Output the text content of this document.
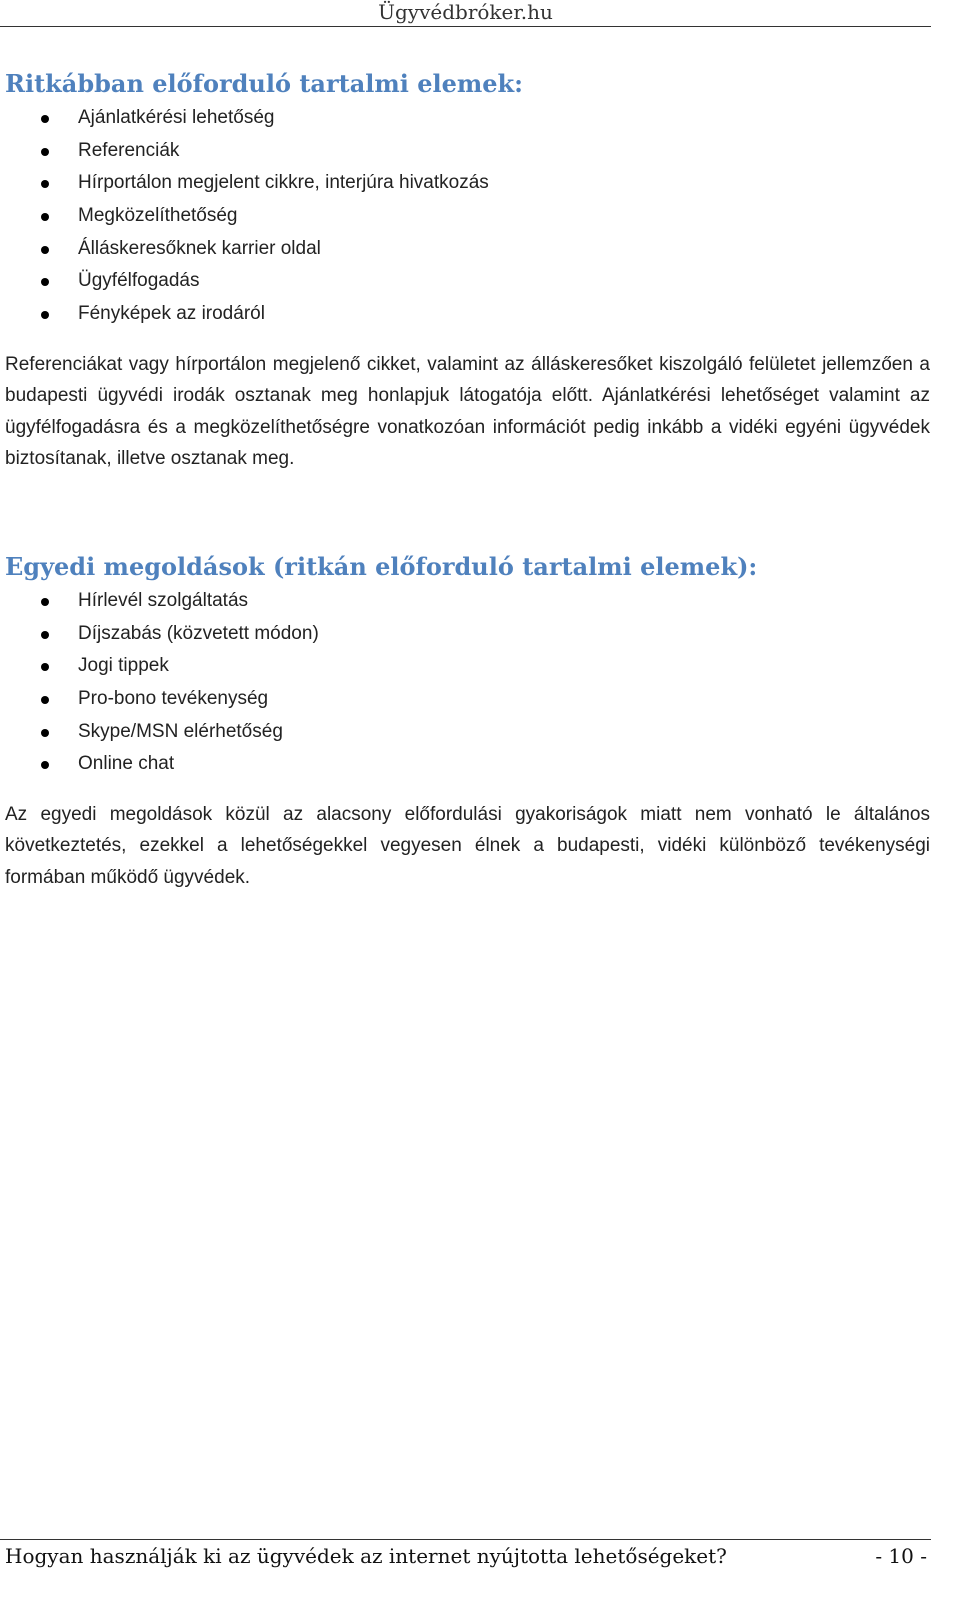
Ügyvédbróker.hu
Ritkábban előforduló tartalmi elemek:
Ajánlatkérési lehetőség
Referenciák
Hírportálon megjelent cikkre, interjúra hivatkozás
Megközelíthetőség
Álláskeresőknek karrier oldal
Ügyfélfogadás
Fényképek az irodáról

Referenciákat vagy hírportálon megjelenő cikket, valamint az álláskeresőket kiszolgáló felületet jellemzően a budapesti ügyvédi irodák osztanak meg honlapjuk látogatója előtt. Ajánlatkérési lehetőséget valamint az ügyfélfogadásra és a megközelíthetőségre vonatkozóan információt pedig inkább a vidéki egyéni ügyvédek biztosítanak, illetve osztanak meg.

Egyedi megoldások (ritkán előforduló tartalmi elemek):
Hírlevél szolgáltatás
Díjszabás (közvetett módon)
Jogi tippek
Pro-bono tevékenység
Skype/MSN elérhetőség
Online chat

Az egyedi megoldások közül az alacsony előfordulási gyakoriságok miatt nem vonható le általános következtetés, ezekkel a lehetőségekkel vegyesen élnek a budapesti, vidéki különböző tevékenységi formában működő ügyvédek.

Hogyan használják ki az ügyvédek az internet nyújtotta lehetőségeket?	- 10 -
